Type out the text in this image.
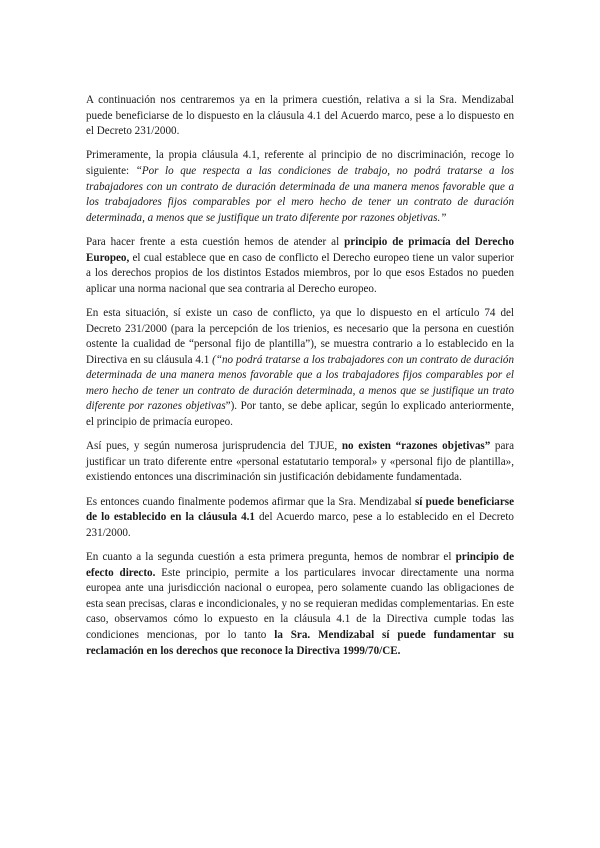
A continuación nos centraremos ya en la primera cuestión, relativa a si la Sra. Mendizabal puede beneficiarse de lo dispuesto en la cláusula 4.1 del Acuerdo marco, pese a lo dispuesto en el Decreto 231/2000.

Primeramente, la propia cláusula 4.1, referente al principio de no discriminación, recoge lo siguiente: “Por lo que respecta a las condiciones de trabajo, no podrá tratarse a los trabajadores con un contrato de duración determinada de una manera menos favorable que a los trabajadores fijos comparables por el mero hecho de tener un contrato de duración determinada, a menos que se justifique un trato diferente por razones objetivas.”

Para hacer frente a esta cuestión hemos de atender al principio de primacía del Derecho Europeo, el cual establece que en caso de conflicto el Derecho europeo tiene un valor superior a los derechos propios de los distintos Estados miembros, por lo que esos Estados no pueden aplicar una norma nacional que sea contraria al Derecho europeo.

En esta situación, sí existe un caso de conflicto, ya que lo dispuesto en el artículo 74 del Decreto 231/2000 (para la percepción de los trienios, es necesario que la persona en cuestión ostente la cualidad de “personal fijo de plantilla”), se muestra contrario a lo establecido en la Directiva en su cláusula 4.1 (“no podrá tratarse a los trabajadores con un contrato de duración determinada de una manera menos favorable que a los trabajadores fijos comparables por el mero hecho de tener un contrato de duración determinada, a menos que se justifique un trato diferente por razones objetivas”). Por tanto, se debe aplicar, según lo explicado anteriormente, el principio de primacía europeo.

Así pues, y según numerosa jurisprudencia del TJUE, no existen “razones objetivas” para justificar un trato diferente entre «personal estatutario temporal» y «personal fijo de plantilla», existiendo entonces una discriminación sin justificación debidamente fundamentada.

Es entonces cuando finalmente podemos afirmar que la Sra. Mendizabal sí puede beneficiarse de lo establecido en la cláusula 4.1 del Acuerdo marco, pese a lo establecido en el Decreto 231/2000.

En cuanto a la segunda cuestión a esta primera pregunta, hemos de nombrar el principio de efecto directo. Este principio, permite a los particulares invocar directamente una norma europea ante una jurisdicción nacional o europea, pero solamente cuando las obligaciones de esta sean precisas, claras e incondicionales, y no se requieran medidas complementarias. En este caso, observamos cómo lo expuesto en la cláusula 4.1 de la Directiva cumple todas las condiciones mencionas, por lo tanto la Sra. Mendizabal sí puede fundamentar su reclamación en los derechos que reconoce la Directiva 1999/70/CE.
